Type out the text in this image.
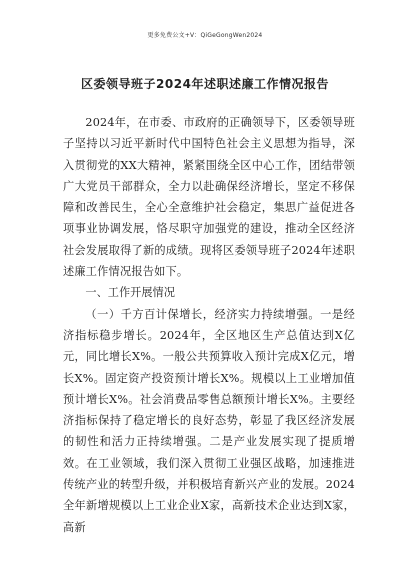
更多免费公文+V：QiGeGongWen2024
区委领导班子2024年述职述廉工作情况报告

2024年，在市委、市政府的正确领导下，区委领导班子坚持以习近平新时代中国特色社会主义思想为指导，深入贯彻党的XX大精神，紧紧围绕全区中心工作，团结带领广大党员干部群众，全力以赴确保经济增长，坚定不移保障和改善民生，全心全意维护社会稳定，集思广益促进各项事业协调发展，恪尽职守加强党的建设，推动全区经济社会发展取得了新的成绩。现将区委领导班子2024年述职述廉工作情况报告如下。

一、工作开展情况

（一）千方百计保增长，经济实力持续增强。一是经济指标稳步增长。2024年，全区地区生产总值达到X亿元，同比增长X%。一般公共预算收入预计完成X亿元，增长X%。固定资产投资预计增长X%。规模以上工业增加值预计增长X%。社会消费品零售总额预计增长X%。主要经济指标保持了稳定增长的良好态势，彰显了我区经济发展的韧性和活力正持续增强。二是产业发展实现了提质增效。在工业领域，我们深入贯彻工业强区战略，加速推进传统产业的转型升级，并积极培育新兴产业的发展。2024全年新增规模以上工业企业X家，高新技术企业达到X家，高新
